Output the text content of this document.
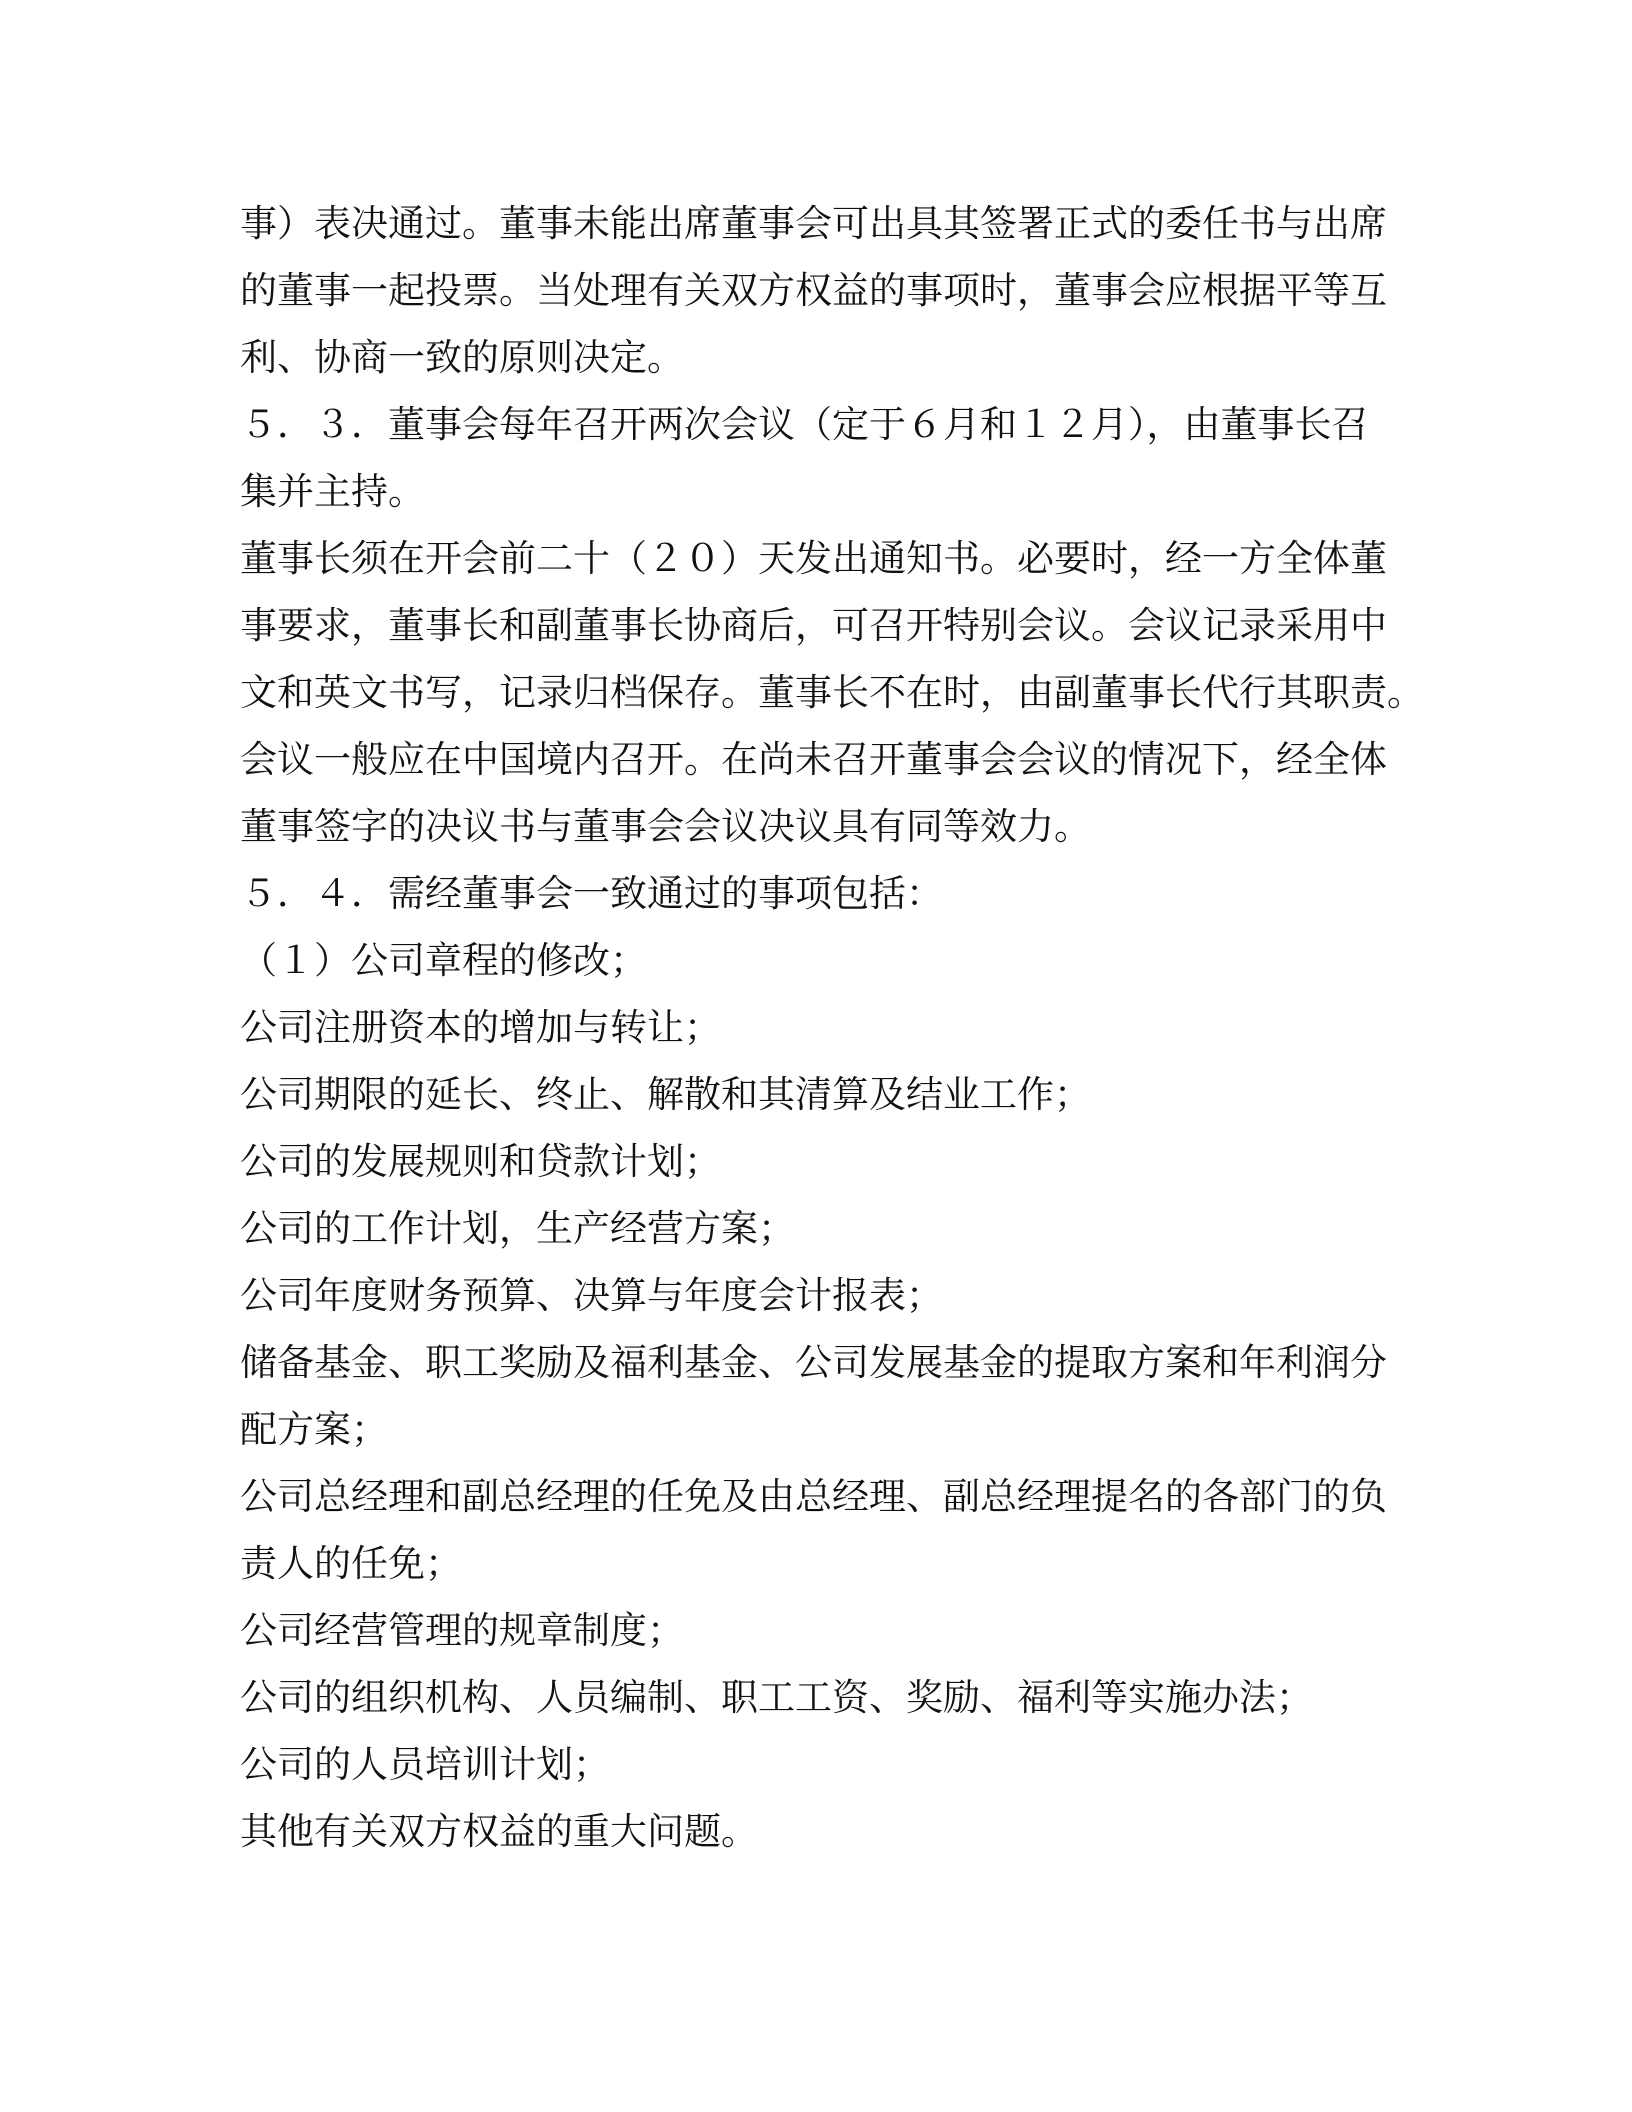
事）表决通过。董事未能出席董事会可出具其签署正式的委任书与出席
的董事一起投票。当处理有关双方权益的事项时，董事会应根据平等互
利、协商一致的原则决定。
５．３．董事会每年召开两次会议（定于６月和１２月），由董事长召
集并主持。
董事长须在开会前二十（２０）天发出通知书。必要时，经一方全体董
事要求，董事长和副董事长协商后，可召开特别会议。会议记录采用中
文和英文书写，记录归档保存。董事长不在时，由副董事长代行其职责。
会议一般应在中国境内召开。在尚未召开董事会会议的情况下，经全体
董事签字的决议书与董事会会议决议具有同等效力。
５．４．需经董事会一致通过的事项包括：
（１）公司章程的修改；
公司注册资本的增加与转让；
公司期限的延长、终止、解散和其清算及结业工作；
公司的发展规则和贷款计划；
公司的工作计划，生产经营方案；
公司年度财务预算、决算与年度会计报表；
储备基金、职工奖励及福利基金、公司发展基金的提取方案和年利润分
配方案；
公司总经理和副总经理的任免及由总经理、副总经理提名的各部门的负
责人的任免；
公司经营管理的规章制度；
公司的组织机构、人员编制、职工工资、奖励、福利等实施办法；
公司的人员培训计划；
其他有关双方权益的重大问题。
